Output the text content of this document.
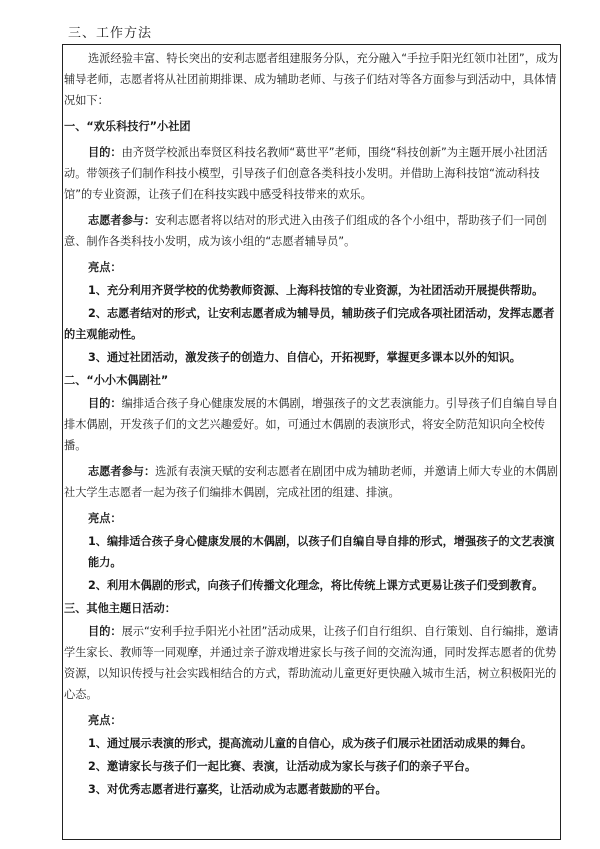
三、工作方法

选派经验丰富、特长突出的安利志愿者组建服务分队，充分融入“手拉手阳光红领巾社团”，成为辅导老师，志愿者将从社团前期排课、成为辅助老师、与孩子们结对等各方面参与到活动中，具体情况如下：

一、“欢乐科技行”小社团

目的：由齐贤学校派出奉贤区科技名教师“葛世平”老师，围绕“科技创新”为主题开展小社团活动。带领孩子们制作科技小模型，引导孩子们创意各类科技小发明。并借助上海科技馆“流动科技馆”的专业资源，让孩子们在科技实践中感受科技带来的欢乐。

志愿者参与：安利志愿者将以结对的形式进入由孩子们组成的各个小组中，帮助孩子们一同创意、制作各类科技小发明，成为该小组的“志愿者辅导员”。

亮点：

1、充分利用齐贤学校的优势教师资源、上海科技馆的专业资源，为社团活动开展提供帮助。

2、志愿者结对的形式，让安利志愿者成为辅导员，辅助孩子们完成各项社团活动，发挥志愿者的主观能动性。

3、通过社团活动，激发孩子的创造力、自信心，开拓视野，掌握更多课本以外的知识。

二、“小小木偶剧社”

目的：编排适合孩子身心健康发展的木偶剧，增强孩子的文艺表演能力。引导孩子们自编自导自排木偶剧，开发孩子们的文艺兴趣爱好。如，可通过木偶剧的表演形式，将安全防范知识向全校传播。

志愿者参与：选派有表演天赋的安利志愿者在剧团中成为辅助老师，并邀请上师大专业的木偶剧社大学生志愿者一起为孩子们编排木偶剧，完成社团的组建、排演。

亮点：

1、编排适合孩子身心健康发展的木偶剧，以孩子们自编自导自排的形式，增强孩子的文艺表演能力。

2、利用木偶剧的形式，向孩子们传播文化理念，将比传统上课方式更易让孩子们受到教育。

三、其他主题日活动：

目的：展示“安利手拉手阳光小社团”活动成果，让孩子们自行组织、自行策划、自行编排，邀请学生家长、教师等一同观摩，并通过亲子游戏增进家长与孩子间的交流沟通，同时发挥志愿者的优势资源，以知识传授与社会实践相结合的方式，帮助流动儿童更好更快融入城市生活，树立积极阳光的心态。

亮点：

1、通过展示表演的形式，提高流动儿童的自信心，成为孩子们展示社团活动成果的舞台。

2、邀请家长与孩子们一起比赛、表演，让活动成为家长与孩子们的亲子平台。

3、对优秀志愿者进行嘉奖，让活动成为志愿者鼓励的平台。
